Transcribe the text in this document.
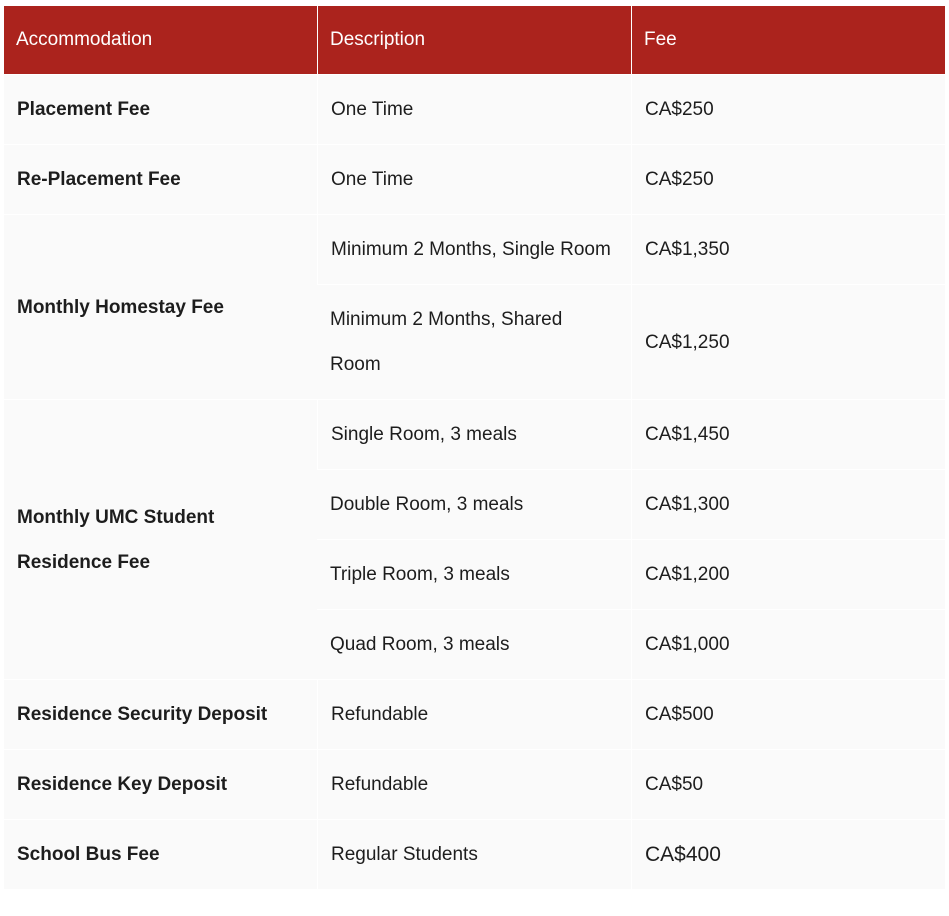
Accommodation	Description	Fee
Placement Fee	One Time	CA$250
Re-Placement Fee	One Time	CA$250
Monthly Homestay Fee	Minimum 2 Months, Single Room	CA$1,350
	Minimum 2 Months, Shared Room	CA$1,250
Monthly UMC Student Residence Fee	Single Room, 3 meals	CA$1,450
	Double Room, 3 meals	CA$1,300
	Triple Room, 3 meals	CA$1,200
	Quad Room, 3 meals	CA$1,000
Residence Security Deposit	Refundable	CA$500
Residence Key Deposit	Refundable	CA$50
School Bus Fee	Regular Students	CA$400
